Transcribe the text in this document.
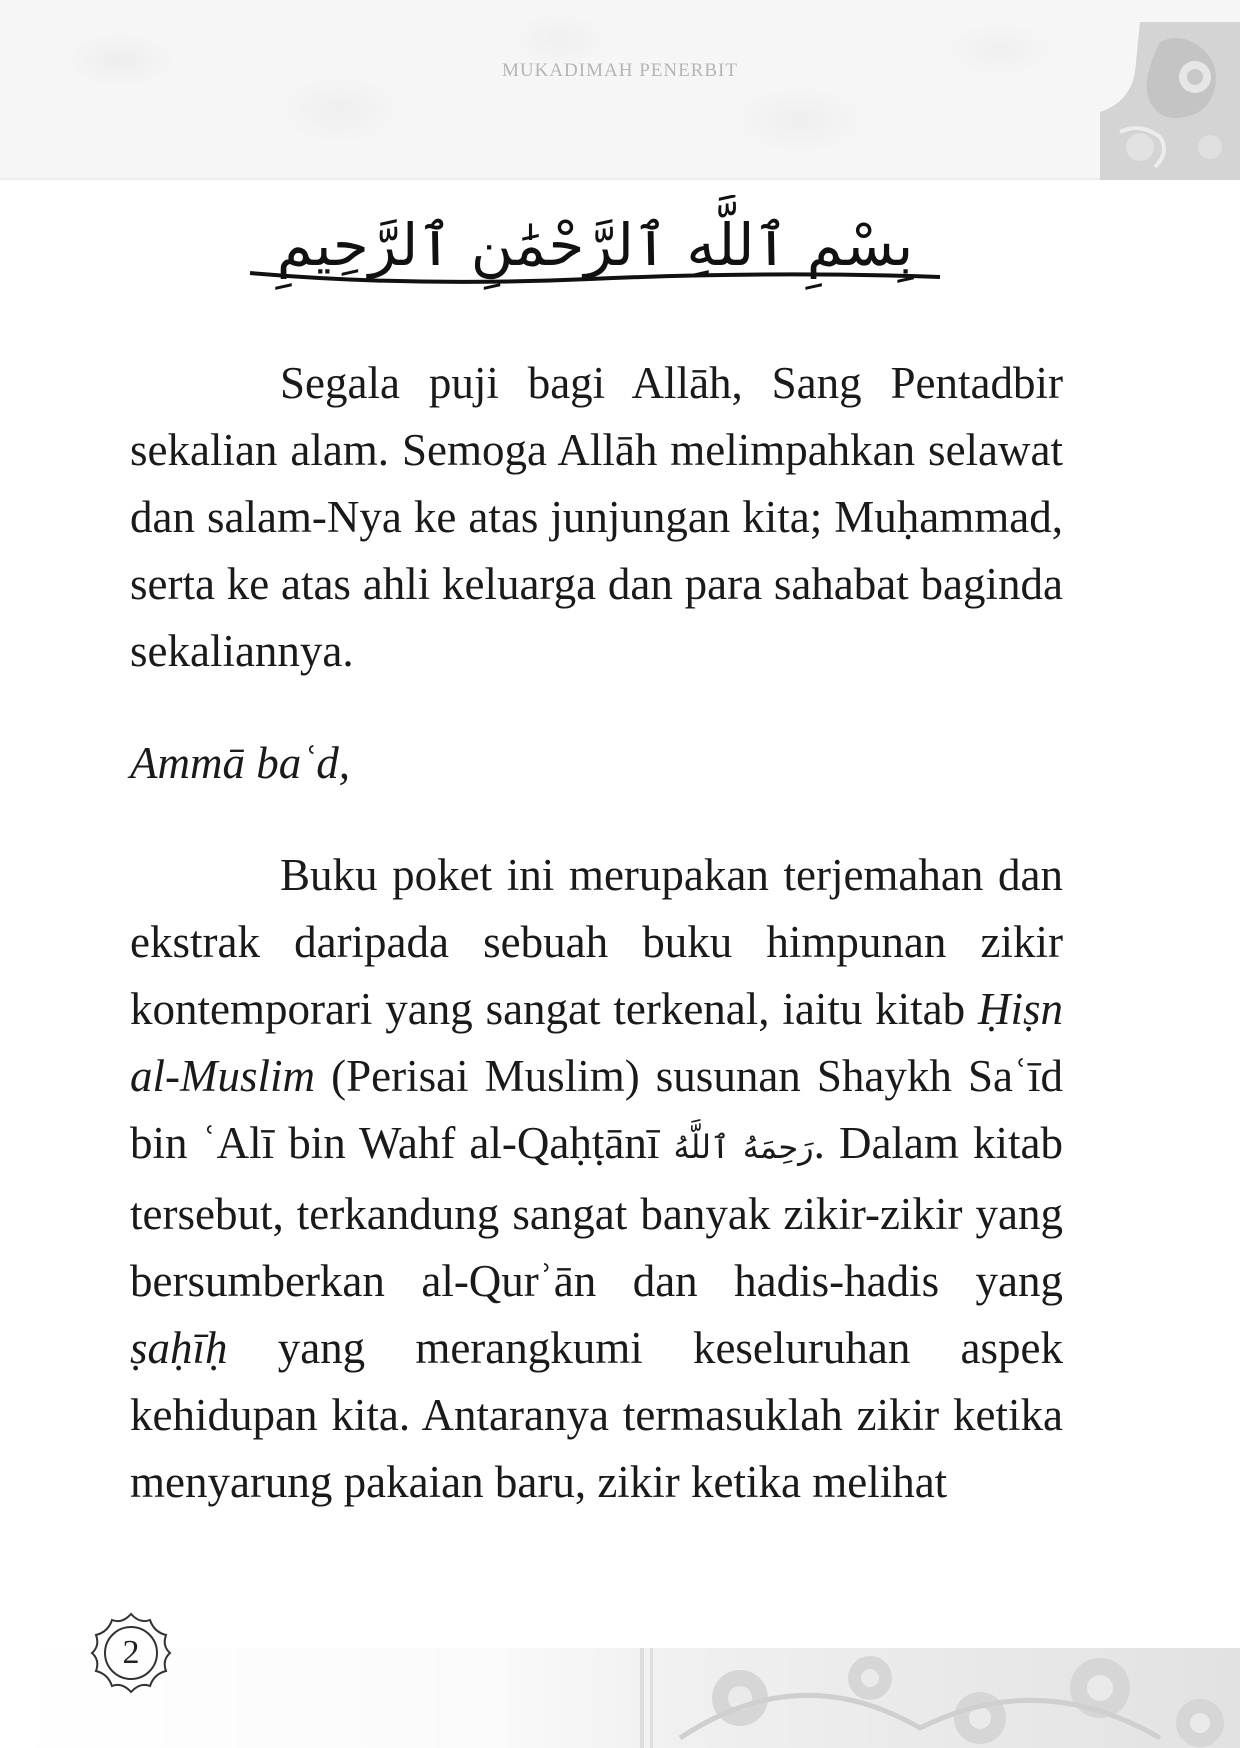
MUKADIMAH PENERBIT
بِسْمِ ٱللَّهِ ٱلرَّحْمَٰنِ ٱلرَّحِيمِ

Segala puji bagi Allāh, Sang Pentadbir sekalian alam. Semoga Allāh melimpahkan selawat dan salam-Nya ke atas junjungan kita; Muḥammad, serta ke atas ahli keluarga dan para sahabat baginda sekaliannya.

Ammā baʿd,

Buku poket ini merupakan terjemahan dan ekstrak daripada sebuah buku himpunan zikir kontemporari yang sangat terkenal, iaitu kitab Ḥiṣn al-Muslim (Perisai Muslim) susunan Shaykh Saʿīd bin ʿAlī bin Wahf al-Qaḥṭānī رَحِمَهُ ٱللَّهُ. Dalam kitab tersebut, terkandung sangat banyak zikir-zikir yang bersumberkan al-Qurʾān dan hadis-hadis yang ṣaḥīḥ yang merangkumi keseluruhan aspek kehidupan kita. Antaranya termasuklah zikir ketika menyarung pakaian baru, zikir ketika melihat

2
